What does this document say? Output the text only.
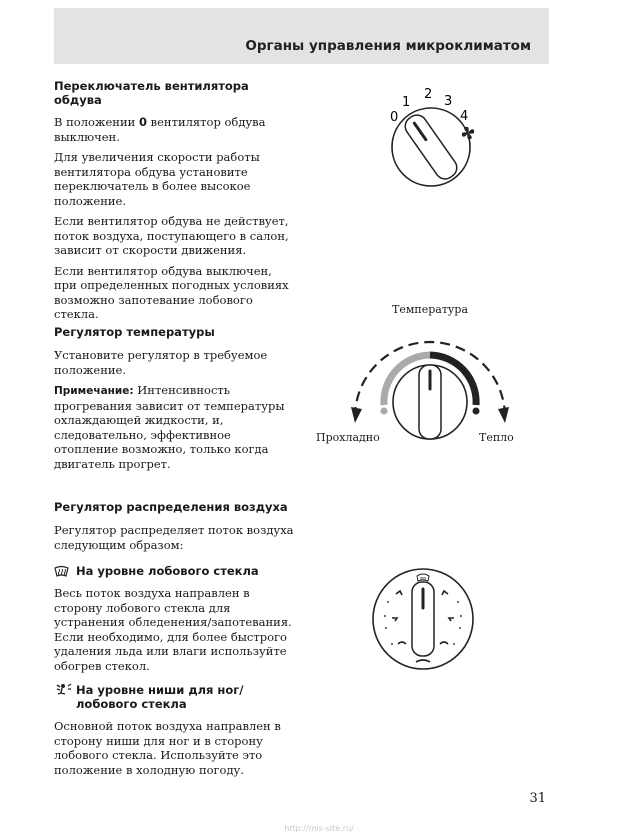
Органы управления микроклиматом

Переключатель вентилятора обдува

В положении 0 вентилятор обдува выключен.

Для увеличения скорости работы вентилятора обдува установите переключатель в более высокое положение.

Если вентилятор обдува не действует, поток воздуха, поступающего в салон, зависит от скорости движения.

Если вентилятор обдува выключен, при определенных погодных условиях возможно запотевание лобового стекла.

Регулятор температуры

Установите регулятор в требуемое положение.

Примечание: Интенсивность прогревания зависит от температуры охлаждающей жидкости, и, следовательно, эффективное отопление возможно, только когда двигатель прогрет.

Регулятор распределения воздуха

Регулятор распределяет поток воздуха следующим образом:

На уровне лобового стекла

Весь поток воздуха направлен в сторону лобового стекла для устранения обледенения/запотевания. Если необходимо, для более быстрого удаления льда или влаги используйте обогрев стекол.

На уровне ниши для ног/лобового стекла

Основной поток воздуха направлен в сторону ниши для ног и в сторону лобового стекла. Используйте это положение в холодную погоду.

0
1
2 3
4
Температура
Прохладно	Тепло
31
http://mis-site.ru/
